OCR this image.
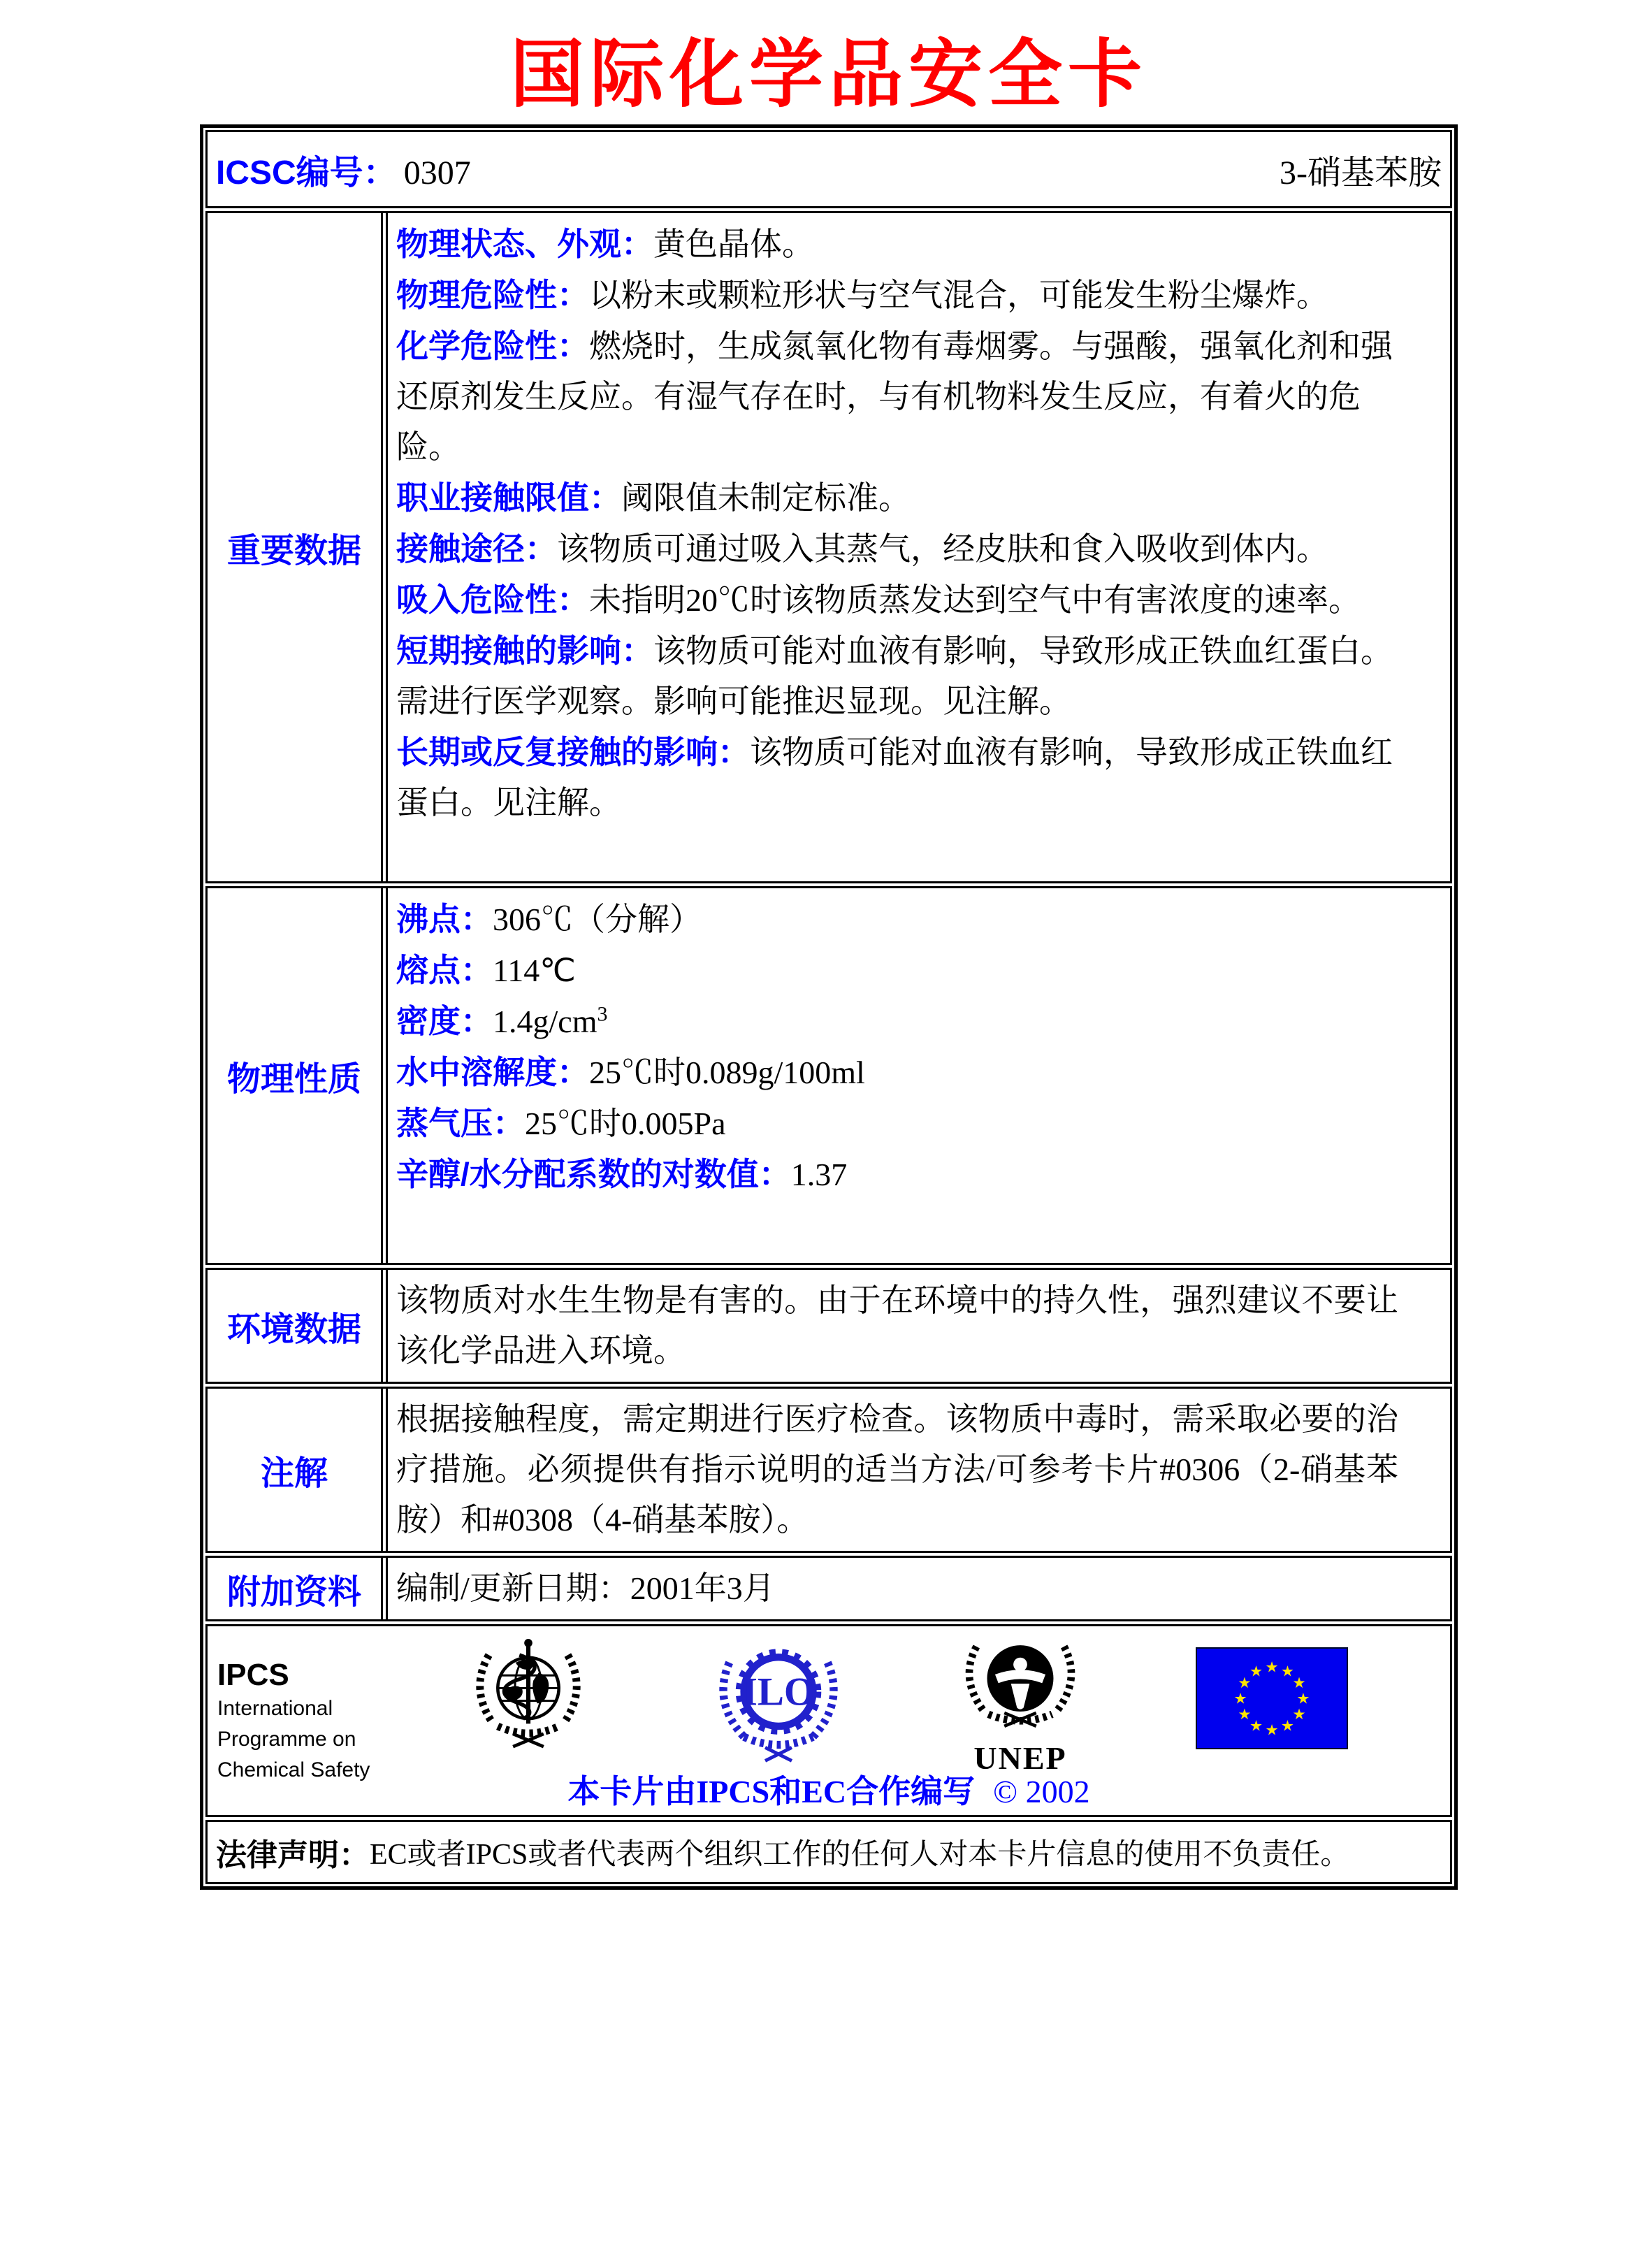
国际化学品安全卡
ICSC编号： 0307	3-硝基苯胺
重要数据

物理状态、外观：黄色晶体。

物理危险性：以粉末或颗粒形状与空气混合，可能发生粉尘爆炸。

化学危险性：燃烧时，生成氮氧化物有毒烟雾。与强酸，强氧化剂和强还原剂发生反应。有湿气存在时，与有机物料发生反应，有着火的危险。

职业接触限值：阈限值未制定标准。

接触途径：该物质可通过吸入其蒸气，经皮肤和食入吸收到体内。

吸入危险性：未指明20℃时该物质蒸发达到空气中有害浓度的速率。

短期接触的影响：该物质可能对血液有影响，导致形成正铁血红蛋白。需进行医学观察。影响可能推迟显现。见注解。

长期或反复接触的影响：该物质可能对血液有影响，导致形成正铁血红蛋白。见注解。

物理性质

沸点：306℃（分解）

熔点：114℃

密度：$1.4g/cm^3$

水中溶解度：25℃时0.089g/100ml

蒸气压：25℃时0.005Pa

辛醇/水分配系数的对数值：1.37

环境数据

该物质对水生生物是有害的。由于在环境中的持久性，强烈建议不要让该化学品进入环境。

注解

根据接触程度，需定期进行医疗检查。该物质中毒时，需采取必要的治疗措施。必须提供有指示说明的适当方法/可参考卡片#0306（2-硝基苯胺）和#0308（4-硝基苯胺）。

附加资料 编制/更新日期：2001年3月

IPCS
International
Programme on
Chemical Safety
ILO
UNEP
★ ★
★
★
★
★
★
★
★
★
★
★
本卡片由IPCS和EC合作编写 © 2002
法律声明： EC或者IPCS或者代表两个组织工作的任何人对本卡片信息的使用不负责任。
